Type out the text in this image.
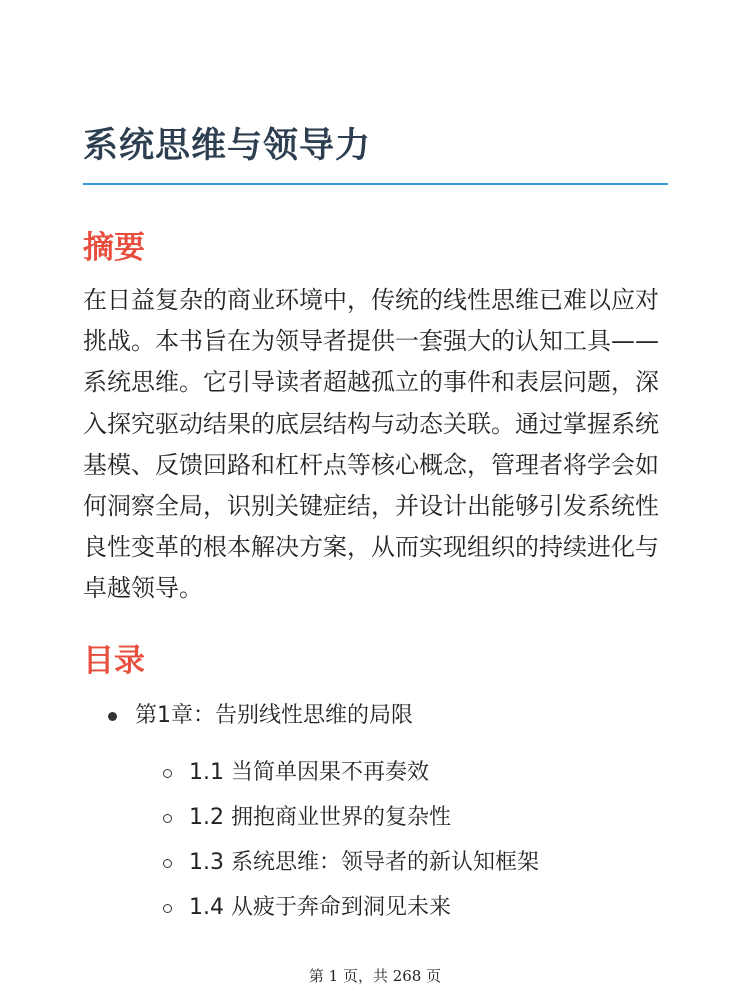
系统思维与领导力
摘要

在日益复杂的商业环境中，传统的线性思维已难以应对挑战。本书旨在为领导者提供一套强大的认知工具——系统思维。它引导读者超越孤立的事件和表层问题，深入探究驱动结果的底层结构与动态关联。通过掌握系统基模、反馈回路和杠杆点等核心概念，管理者将学会如何洞察全局，识别关键症结，并设计出能够引发系统性良性变革的根本解决方案，从而实现组织的持续进化与卓越领导。

目录
第1章：告别线性思维的局限
1.1 当简单因果不再奏效
1.2 拥抱商业世界的复杂性
1.3 系统思维：领导者的新认知框架
1.4 从疲于奔命到洞见未来
第 1 页，共 268 页
